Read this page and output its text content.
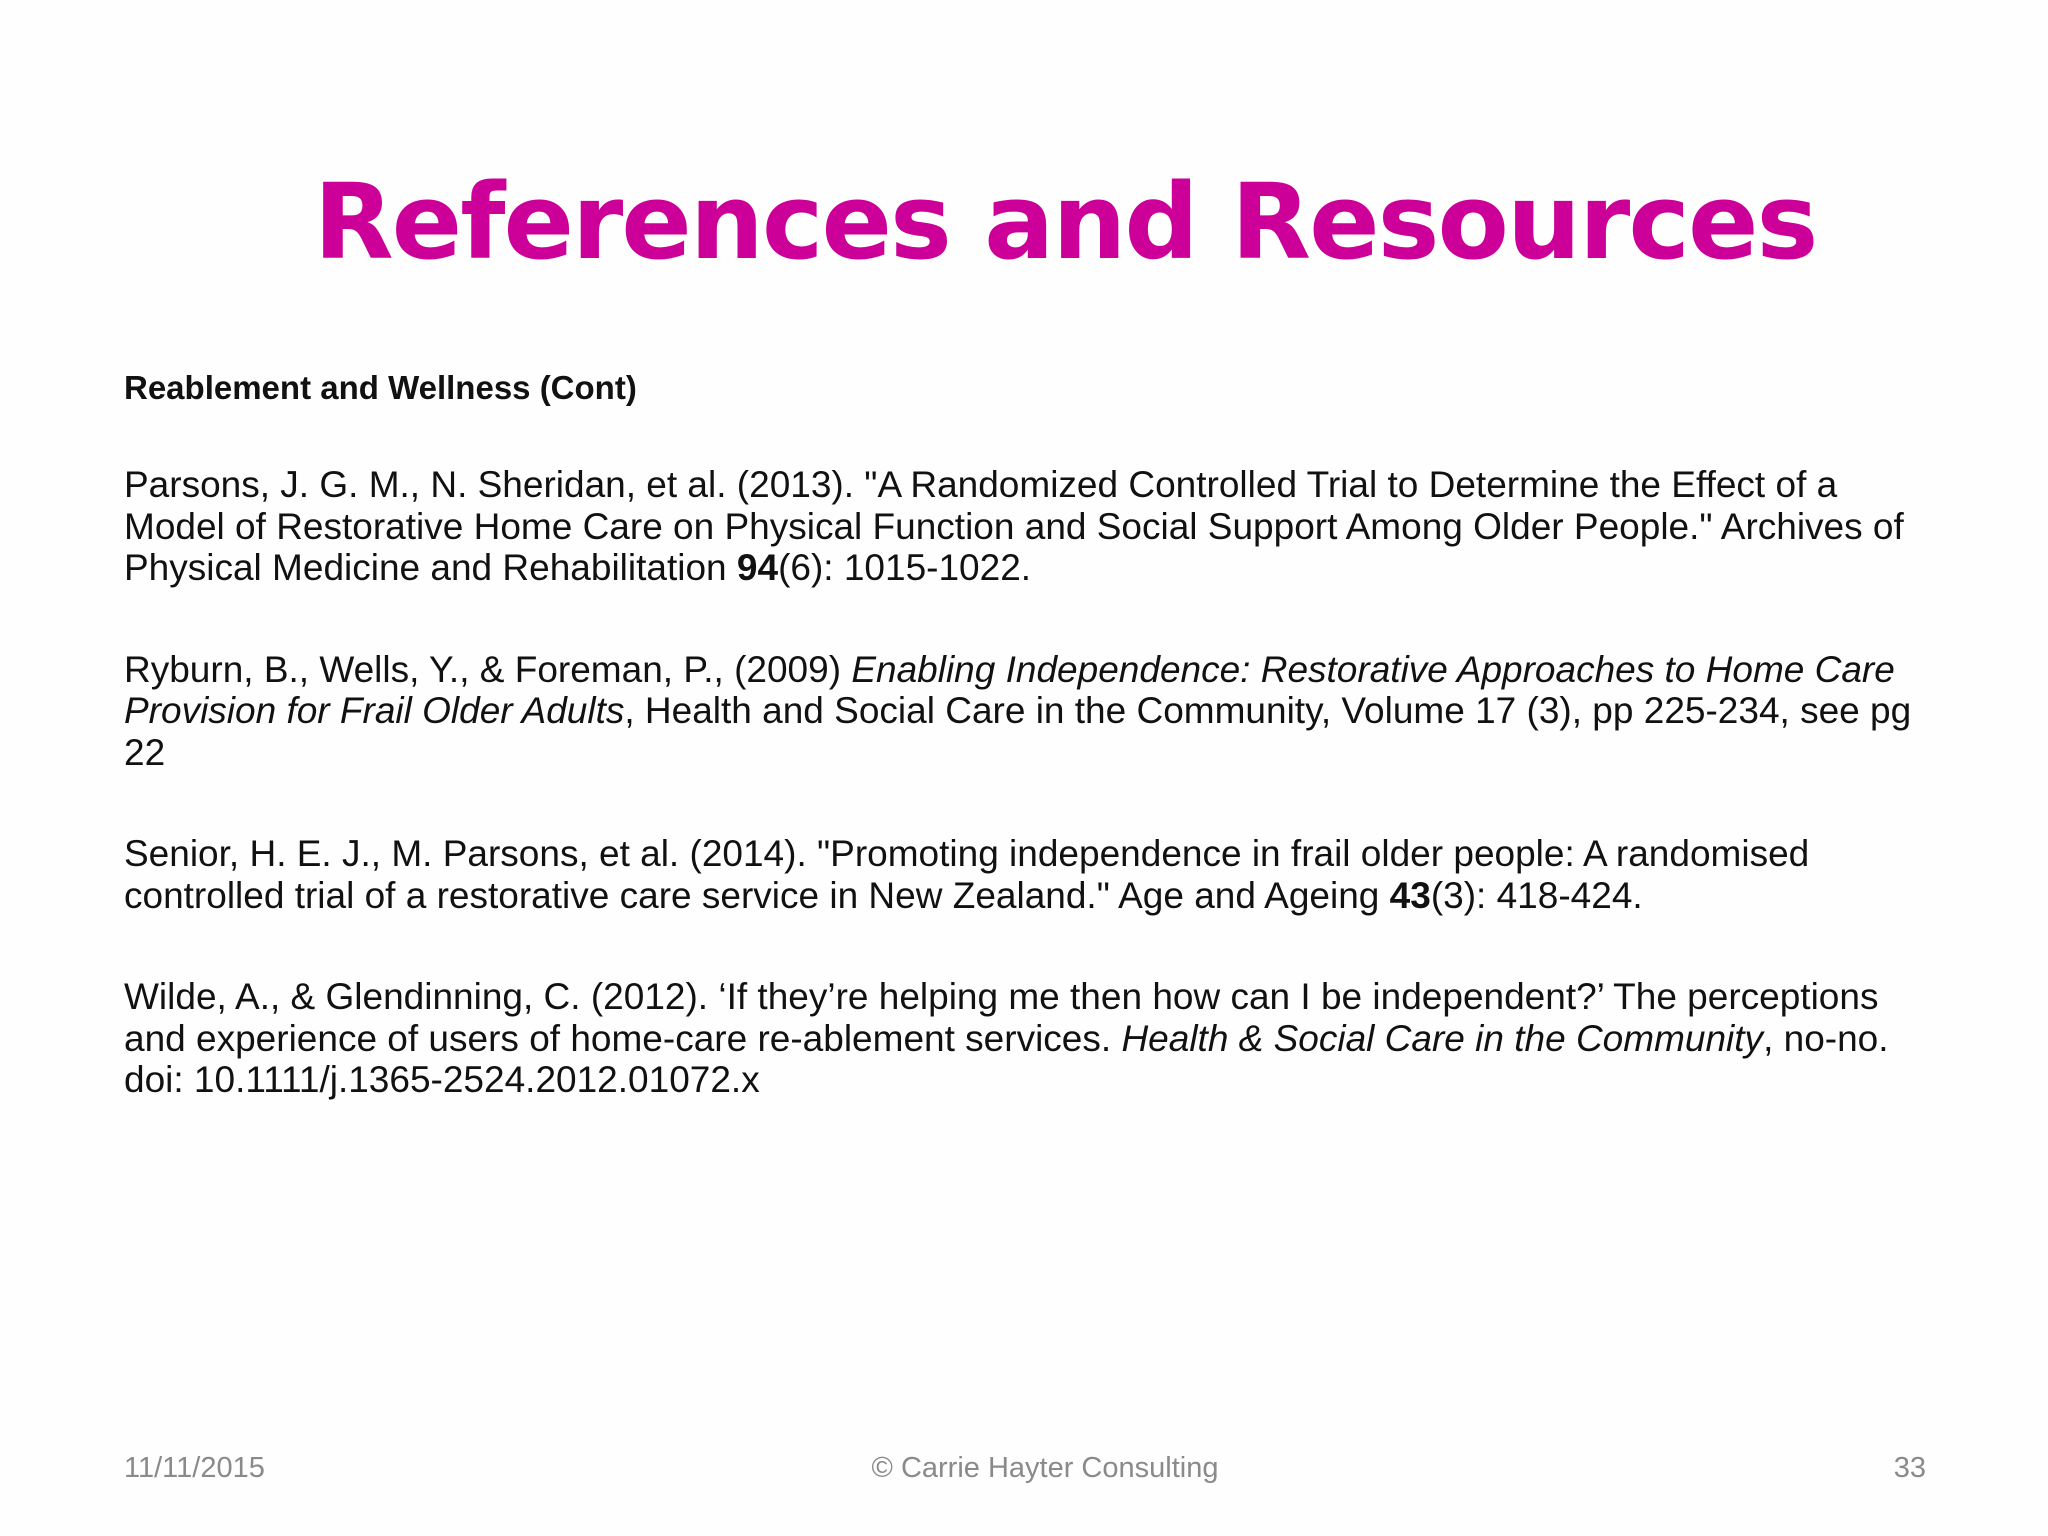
References and Resources

Reablement and Wellness (Cont)

Parsons, J. G. M., N. Sheridan, et al. (2013). "A Randomized Controlled Trial to Determine the Effect of a Model of Restorative Home Care on Physical Function and Social Support Among Older People." Archives of Physical Medicine and Rehabilitation 94(6): 1015-1022.

Ryburn, B., Wells, Y., & Foreman, P., (2009) Enabling Independence: Restorative Approaches to Home Care Provision for Frail Older Adults, Health and Social Care in the Community, Volume 17 (3), pp 225-234, see pg 22

Senior, H. E. J., M. Parsons, et al. (2014). "Promoting independence in frail older people: A randomised controlled trial of a restorative care service in New Zealand." Age and Ageing 43(3): 418-424.

Wilde, A., & Glendinning, C. (2012). ‘If they’re helping me then how can I be independent?’ The perceptions and experience of users of home-care re-ablement services. Health & Social Care in the Community, no-no. doi: 10.1111/j.1365-2524.2012.01072.x

11/11/2015	© Carrie Hayter Consulting	33
